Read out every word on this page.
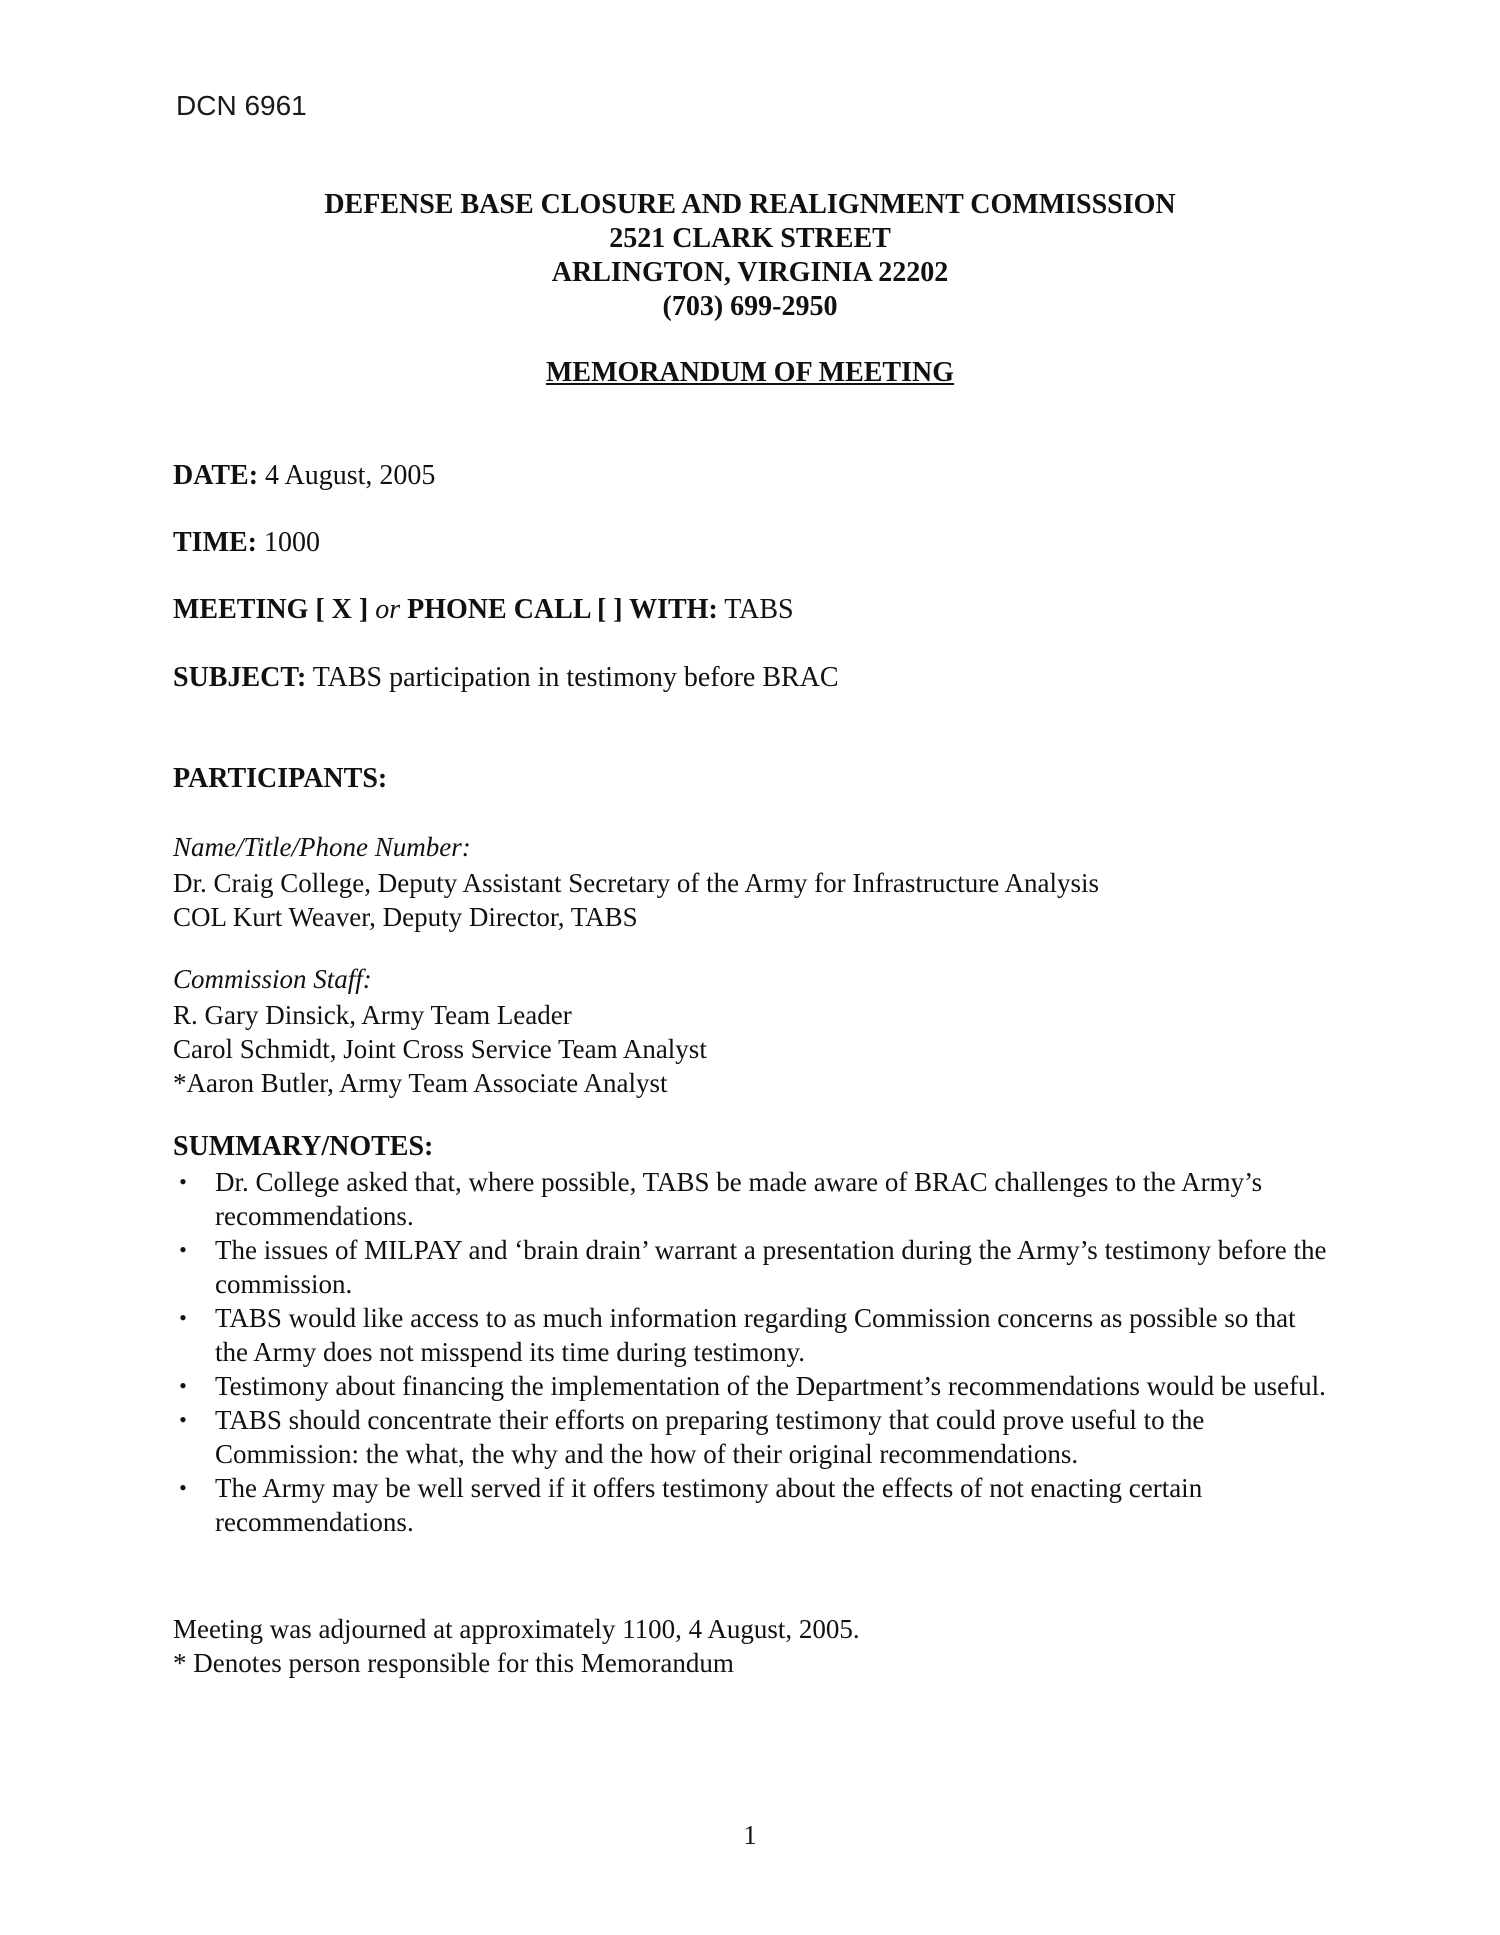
DCN 6961
DEFENSE BASE CLOSURE AND REALIGNMENT COMMISSSION
2521 CLARK STREET
ARLINGTON, VIRGINIA 22202
(703) 699-2950
MEMORANDUM OF MEETING
DATE: 4 August, 2005
TIME: 1000
MEETING [ X ] or PHONE CALL [ ] WITH: TABS
SUBJECT: TABS participation in testimony before BRAC
PARTICIPANTS:
Name/Title/Phone Number:
Dr. Craig College, Deputy Assistant Secretary of the Army for Infrastructure Analysis
COL Kurt Weaver, Deputy Director, TABS
Commission Staff:
R. Gary Dinsick, Army Team Leader
Carol Schmidt, Joint Cross Service Team Analyst
*Aaron Butler, Army Team Associate Analyst
SUMMARY/NOTES:
• Dr. College asked that, where possible, TABS be made aware of BRAC challenges to the Army’s recommendations.
• The issues of MILPAY and ‘brain drain’ warrant a presentation during the Army’s testimony before the commission.
• TABS would like access to as much information regarding Commission concerns as possible so that the Army does not misspend its time during testimony.
• Testimony about financing the implementation of the Department’s recommendations would be useful.
• TABS should concentrate their efforts on preparing testimony that could prove useful to the Commission: the what, the why and the how of their original recommendations.
• The Army may be well served if it offers testimony about the effects of not enacting certain recommendations.
Meeting was adjourned at approximately 1100, 4 August, 2005.
* Denotes person responsible for this Memorandum
1
